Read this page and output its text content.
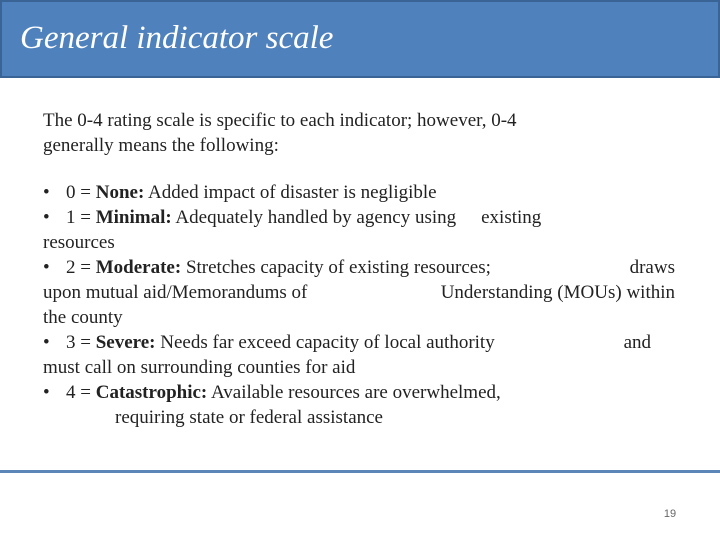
General indicator scale
The 0-4 rating scale is specific to each indicator; however, 0-4
generally means the following:
• 0 = None: Added impact of disaster is negligible
• 1 = Minimal: Adequately handled by agency using existing
resources
• 2 = Moderate: Stretches capacity of existing resources;	draws
upon mutual aid/Memorandums of	Understanding (MOUs) within
the county
• 3 = Severe: Needs far exceed capacity of local authority	and
must call on surrounding counties for aid
• 4 = Catastrophic: Available resources are overwhelmed,
requiring state or federal assistance
19
